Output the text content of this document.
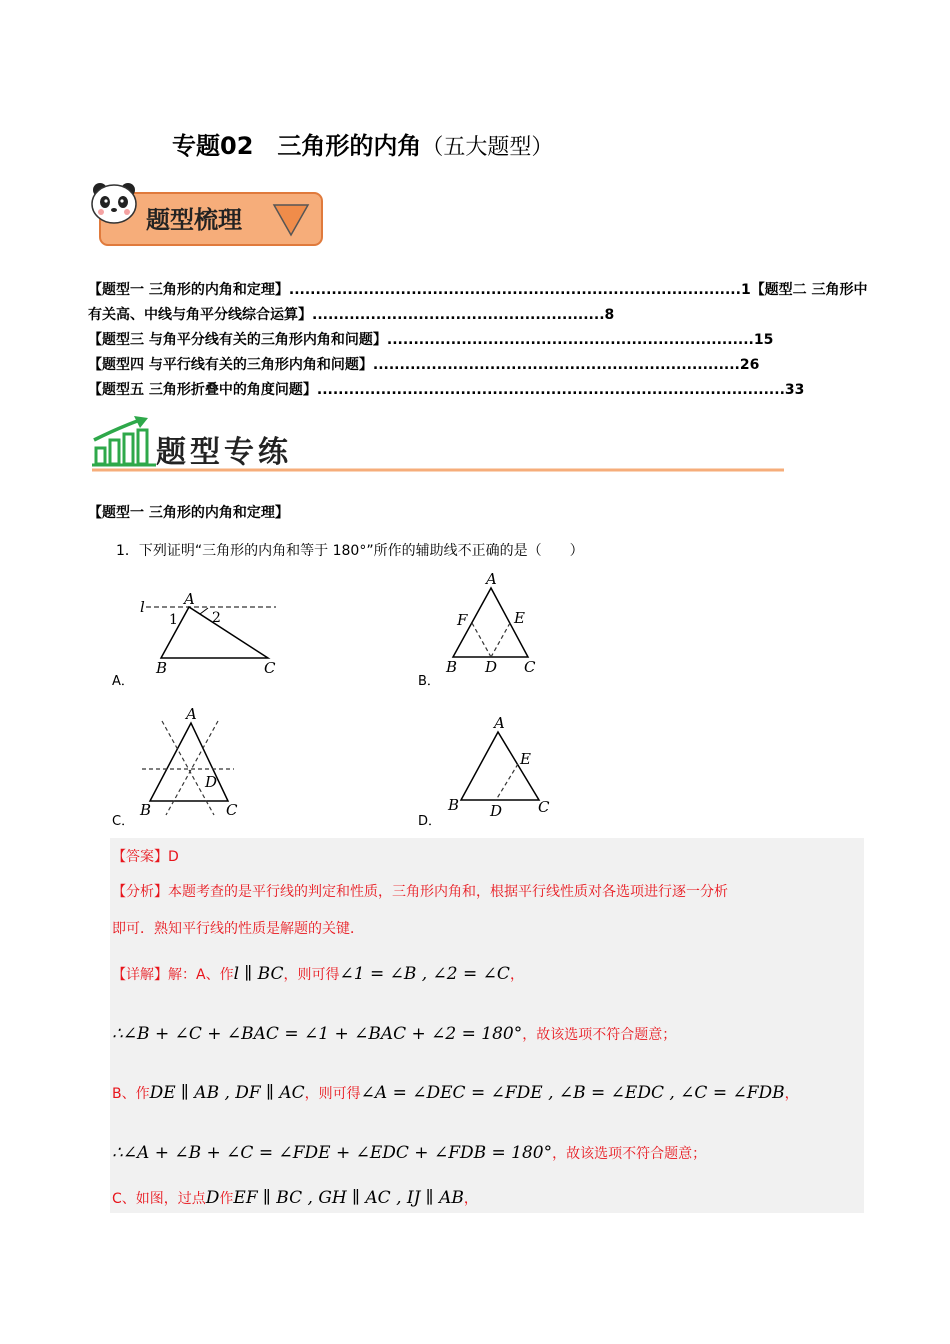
专题02　三角形的内角（五大题型）
题型梳理
【题型一 三角形的内角和定理】.....................................................................................1【题型二 三角形中有关高、中线与角平分线综合运算】.......................................................8
【题型三 与角平分线有关的三角形内角和问题】.....................................................................15
【题型四 与平行线有关的三角形内角和问题】.....................................................................26
【题型五 三角形折叠中的角度问题】........................................................................................33
题型专练
【题型一 三角形的内角和定理】
1．下列证明“三角形的内角和等于 180°”所作的辅助线不正确的是（　　）
l	A
1 2
B	C
A．
A
F	E
B D C
B．
A
D
B	C
C．
A
E
B D C
D．
【答案】D
【分析】本题考查的是平行线的判定和性质，三角形内角和，根据平行线性质对各选项进行逐一分析
即可．熟知平行线的性质是解题的关键．
【详解】解：A、作l ∥ BC，则可得∠1 = ∠B , ∠2 = ∠C，
∴∠B + ∠C + ∠BAC = ∠1 + ∠BAC + ∠2 = 180°，故该选项不符合题意；
B、作DE ∥ AB , DF ∥ AC，则可得∠A = ∠DEC = ∠FDE , ∠B = ∠EDC , ∠C = ∠FDB，
∴∠A + ∠B + ∠C = ∠FDE + ∠EDC + ∠FDB = 180°，故该选项不符合题意；
C、如图，过点D作EF ∥ BC , GH ∥ AC , IJ ∥ AB，
